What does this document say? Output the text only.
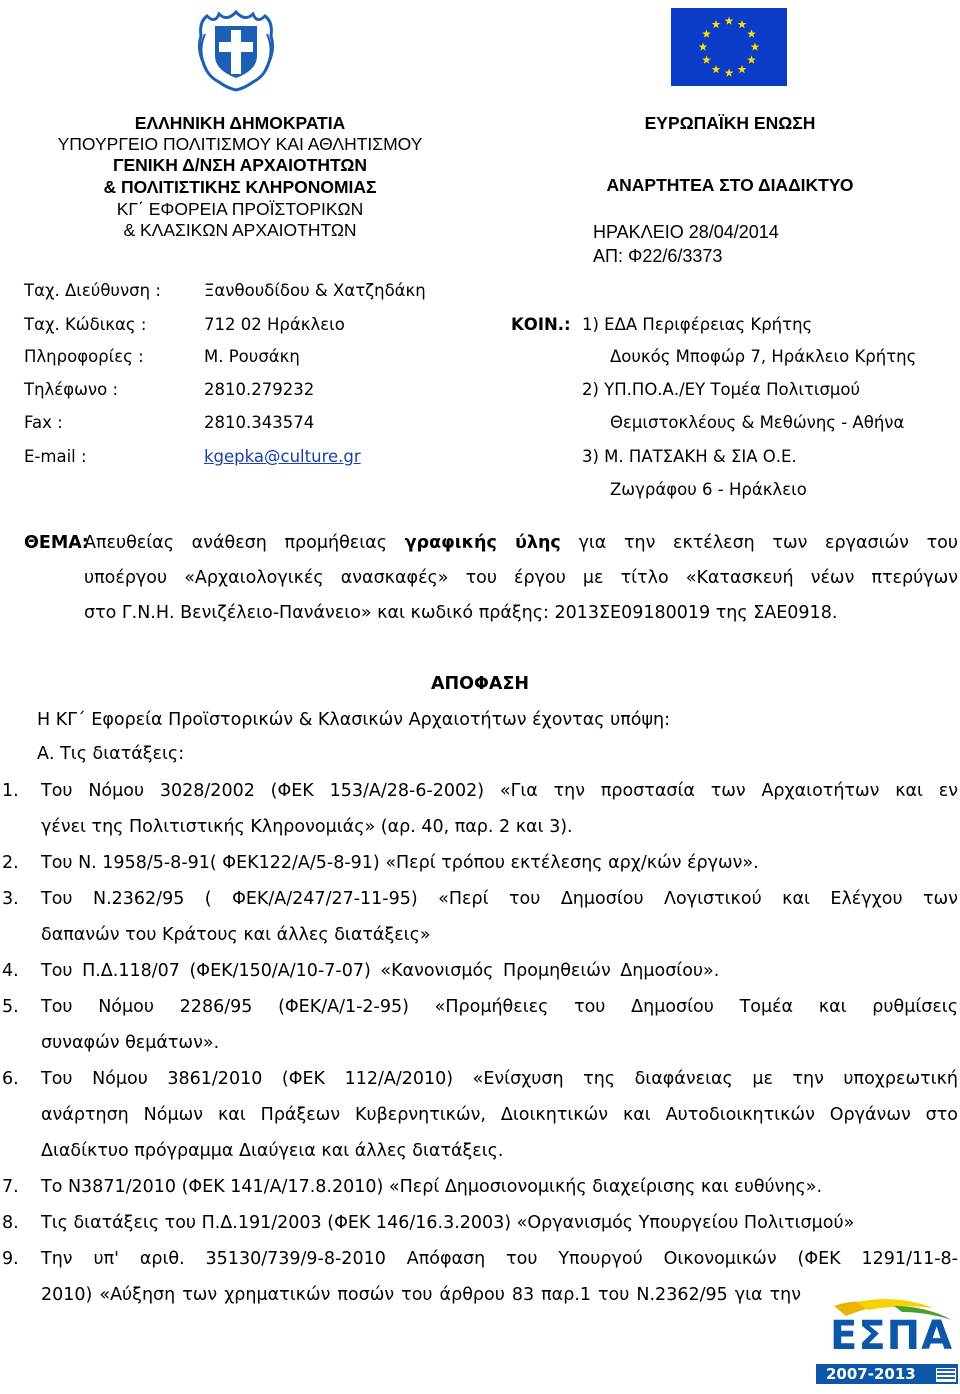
ΕΛΛΗΝΙΚΗ ΔΗΜΟΚΡΑΤΙΑ
ΥΠΟΥΡΓΕΙΟ ΠΟΛΙΤΙΣΜΟΥ ΚΑΙ ΑΘΛΗΤΙΣΜΟΥ
ΓΕΝΙΚΗ Δ/ΝΣΗ ΑΡΧΑΙΟΤΗΤΩΝ
& ΠΟΛΙΤΙΣΤΙΚΗΣ ΚΛΗΡΟΝΟΜΙΑΣ
ΚΓ΄ ΕΦΟΡΕΙΑ ΠΡΟΪΣΤΟΡΙΚΩΝ
& ΚΛΑΣΙΚΩΝ ΑΡΧΑΙΟΤΗΤΩΝ
ΕΥΡΩΠΑΪΚΗ ΕΝΩΣΗ
ΑΝΑΡΤΗΤΕΑ ΣΤΟ ΔΙΑΔΙΚΤΥΟ
ΗΡΑΚΛΕΙΟ 28/04/2014
ΑΠ: Φ22/6/3373
Ταχ. Διεύθυνση :	Ξανθουδίδου & Χατζηδάκη
Ταχ. Κώδικας :	712 02 Ηράκλειο	ΚΟΙΝ.: 1) ΕΔΑ Περιφέρειας Κρήτης
Πληροφορίες :	Μ. Ρουσάκη	Δουκός Μποφώρ 7, Ηράκλειο Κρήτης
Τηλέφωνο :	2810.279232	2) ΥΠ.ΠΟ.Α./ΕΥ Τομέα Πολιτισμού
Fax :	2810.343574	Θεμιστοκλέους & Μεθώνης - Αθήνα
E-mail :	kgepka@culture.gr	3) Μ. ΠΑΤΣΑΚΗ & ΣΙΑ Ο.Ε.
Ζωγράφου 6 - Ηράκλειο
ΘΕΜΑ:
Απευθείας ανάθεση προμήθειας γραφικής ύλης για την εκτέλεση των εργασιών του
υποέργου «Αρχαιολογικές ανασκαφές» του έργου με τίτλο «Κατασκευή νέων πτερύγων
στο Γ.Ν.Η. Βενιζέλειο-Πανάνειο» και κωδικό πράξης: 2013ΣΕ09180019 της ΣΑΕ0918.
ΑΠΟΦΑΣΗ
Η ΚΓ΄ Εφορεία Προϊστορικών & Κλασικών Αρχαιοτήτων έχοντας υπόψη:
Α. Τις διατάξεις:
1. Του Νόμου 3028/2002 (ΦΕΚ 153/Α/28-6-2002) «Για την προστασία των Αρχαιοτήτων και εν
γένει της Πολιτιστικής Κληρονομιάς» (αρ. 40, παρ. 2 και 3).
2. Του Ν. 1958/5-8-91( ΦΕΚ122/Α/5-8-91) «Περί τρόπου εκτέλεσης αρχ/κών έργων».
3. Του Ν.2362/95 ( ΦΕΚ/Α/247/27-11-95) «Περί του Δημοσίου Λογιστικού και Ελέγχου των
δαπανών του Κράτους και άλλες διατάξεις»
4. Του Π.Δ.118/07 (ΦΕΚ/150/Α/10-7-07) «Κανονισμός Προμηθειών Δημοσίου».
5. Του Νόμου 2286/95 (ΦΕΚ/Α/1-2-95) «Προμήθειες του Δημοσίου Τομέα και ρυθμίσεις
συναφών θεμάτων».
6. Του Νόμου 3861/2010 (ΦΕΚ 112/Α/2010) «Ενίσχυση της διαφάνειας με την υποχρεωτική
ανάρτηση Νόμων και Πράξεων Κυβερνητικών, Διοικητικών και Αυτοδιοικητικών Οργάνων στο
Διαδίκτυο πρόγραμμα Διαύγεια και άλλες διατάξεις.
7. Το Ν3871/2010 (ΦΕΚ 141/Α/17.8.2010) «Περί Δημοσιονομικής διαχείρισης και ευθύνης».
8. Τις διατάξεις του Π.Δ.191/2003 (ΦΕΚ 146/16.3.2003) «Οργανισμός Υπουργείου Πολιτισμού»
9. Την υπ' αριθ. 35130/739/9-8-2010 Απόφαση του Υπουργού Οικονομικών (ΦΕΚ 1291/11-8-
2010) «Αύξηση των χρηματικών ποσών του άρθρου 83 παρ.1 του Ν.2362/95 για την
ΕΣΠΑ
2007-2013
